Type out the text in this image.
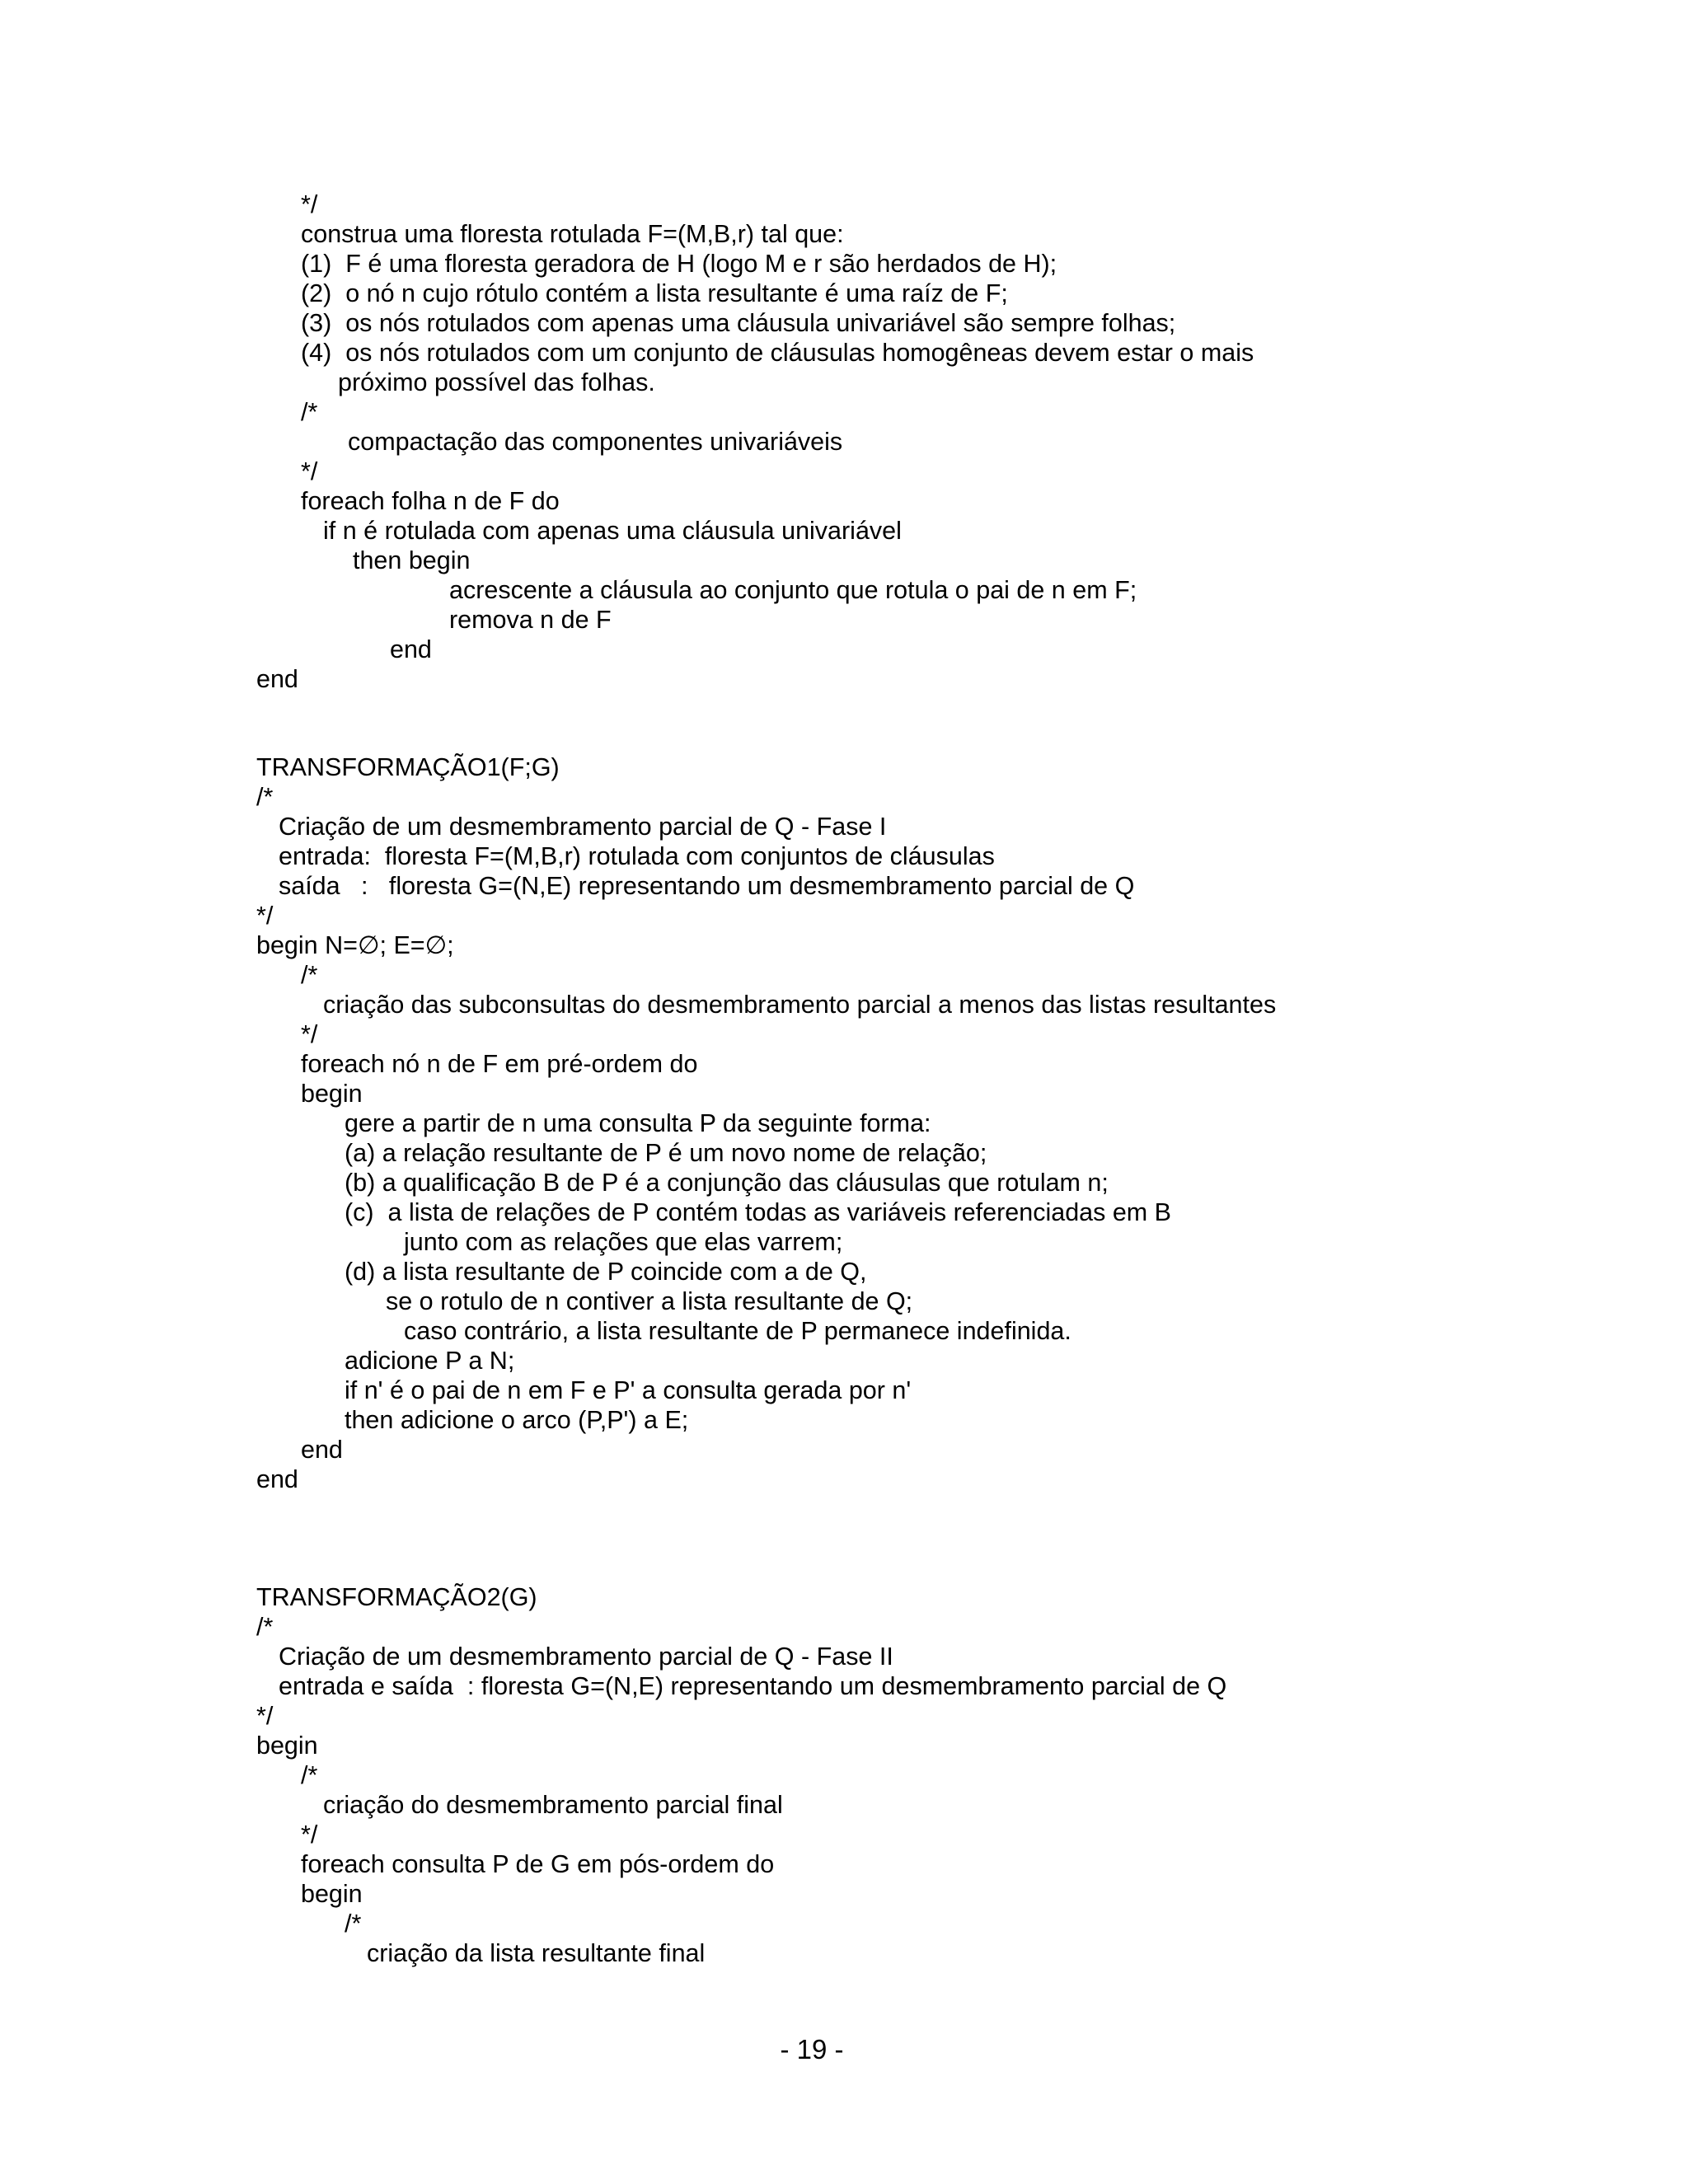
*/
construa uma floresta rotulada F=(M,B,r) tal que:
(1)  F é uma floresta geradora de H (logo M e r são herdados de H);
(2)  o nó n cujo rótulo contém a lista resultante é uma raíz de F;
(3)  os nós rotulados com apenas uma cláusula univariável são sempre folhas;
(4)  os nós rotulados com um conjunto de cláusulas homogêneas devem estar o mais
próximo possível das folhas.
/*
compactação das componentes univariáveis
*/
foreach folha n de F do
if n é rotulada com apenas uma cláusula univariável
then begin
acrescente a cláusula ao conjunto que rotula o pai de n em F;
remova n de F
end
end
TRANSFORMAÇÃO1(F;G)
/*
Criação de um desmembramento parcial de Q - Fase I
entrada:  floresta F=(M,B,r) rotulada com conjuntos de cláusulas
saída   :   floresta G=(N,E) representando um desmembramento parcial de Q
*/
begin N=∅; E=∅;
/*
criação das subconsultas do desmembramento parcial a menos das listas resultantes
*/
foreach nó n de F em pré-ordem do
begin
gere a partir de n uma consulta P da seguinte forma:
(a) a relação resultante de P é um novo nome de relação;
(b) a qualificação B de P é a conjunção das cláusulas que rotulam n;
(c)  a lista de relações de P contém todas as variáveis referenciadas em B
junto com as relações que elas varrem;
(d) a lista resultante de P coincide com a de Q,
se o rotulo de n contiver a lista resultante de Q;
caso contrário, a lista resultante de P permanece indefinida.
adicione P a N;
if n' é o pai de n em F e P' a consulta gerada por n'
then adicione o arco (P,P') a E;
end
end
TRANSFORMAÇÃO2(G)
/*
Criação de um desmembramento parcial de Q - Fase II
entrada e saída  : floresta G=(N,E) representando um desmembramento parcial de Q
*/
begin
/*
criação do desmembramento parcial final
*/
foreach consulta P de G em pós-ordem do
begin
/*
criação da lista resultante final
- 19 -
